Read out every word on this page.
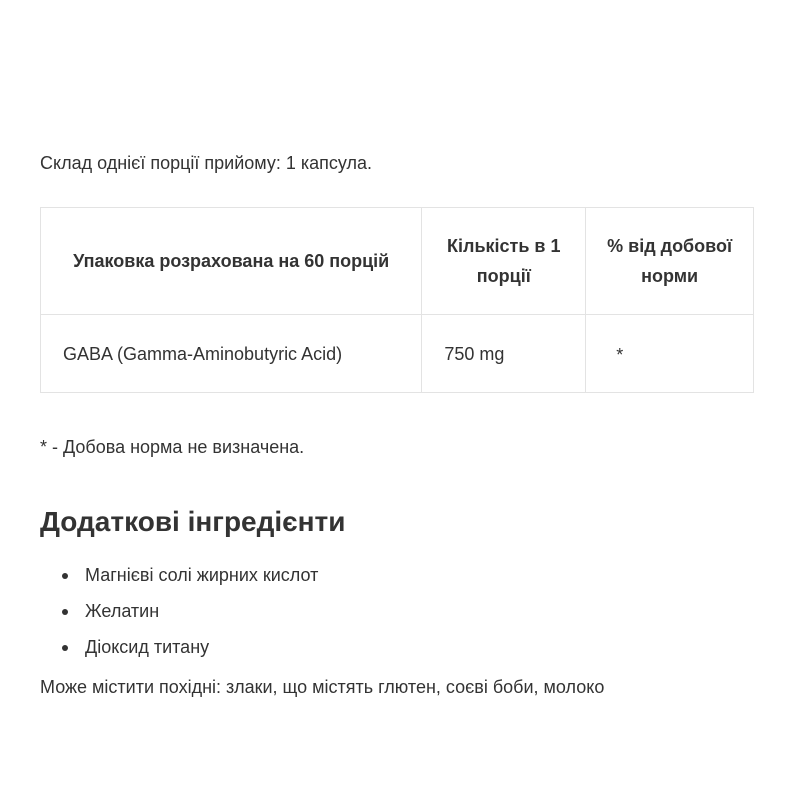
Склад однієї порції прийому: 1 капсула.

Упаковка розрахована на 60 порцій	Кількість в 1 порції	% від добової норми
GABA (Gamma-Aminobutyric Acid)	750 mg	*

* - Добова норма не визначена.

Додаткові інгредієнти
Магнієві солі жирних кислот
Желатин
Діоксид титану

Може містити похідні: злаки, що містять глютен, соєві боби, молоко
